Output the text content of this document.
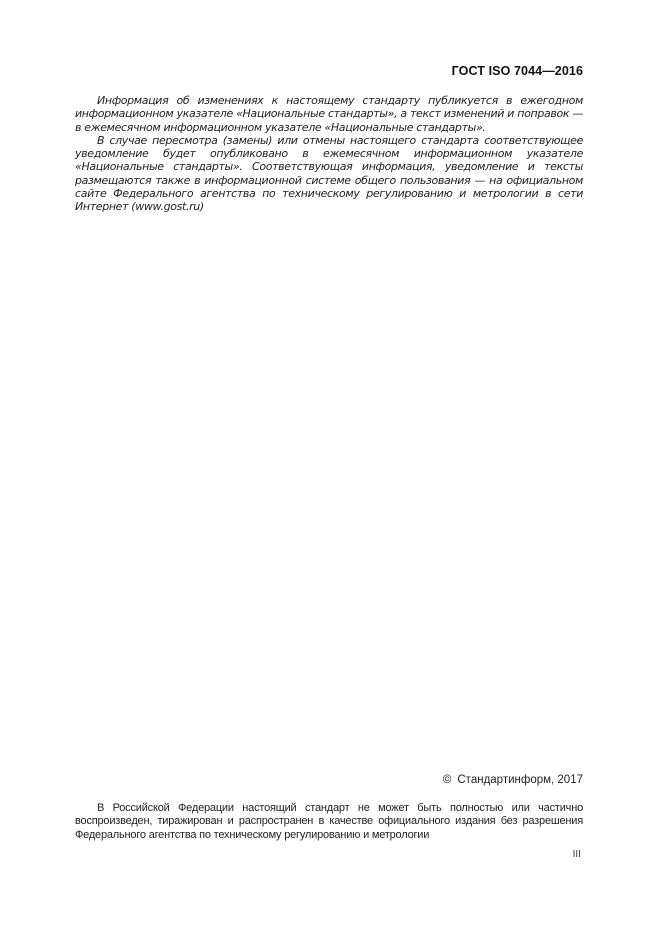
ГОСТ ISO 7044—2016

Информация об изменениях к настоящему стандарту публикуется в ежегодном информационном указателе «Национальные стандарты», а текст изменений и поправок — в ежемесячном информационном указателе «Национальные стандарты».

В случае пересмотра (замены) или отмены настоящего стандарта соответствующее уведомление будет опубликовано в ежемесячном информационном указателе «Национальные стандарты». Соответствующая информация, уведомление и тексты размещаются также в информационной системе общего пользования — на официальном сайте Федерального агентства по техническому регулированию и метрологии в сети Интернет (www.gost.ru)

© Стандартинформ, 2017

В Российской Федерации настоящий стандарт не может быть полностью или частично воспроизведен, тиражирован и распространен в качестве официального издания без разрешения Федерального агентства по техническому регулированию и метрологии

III
